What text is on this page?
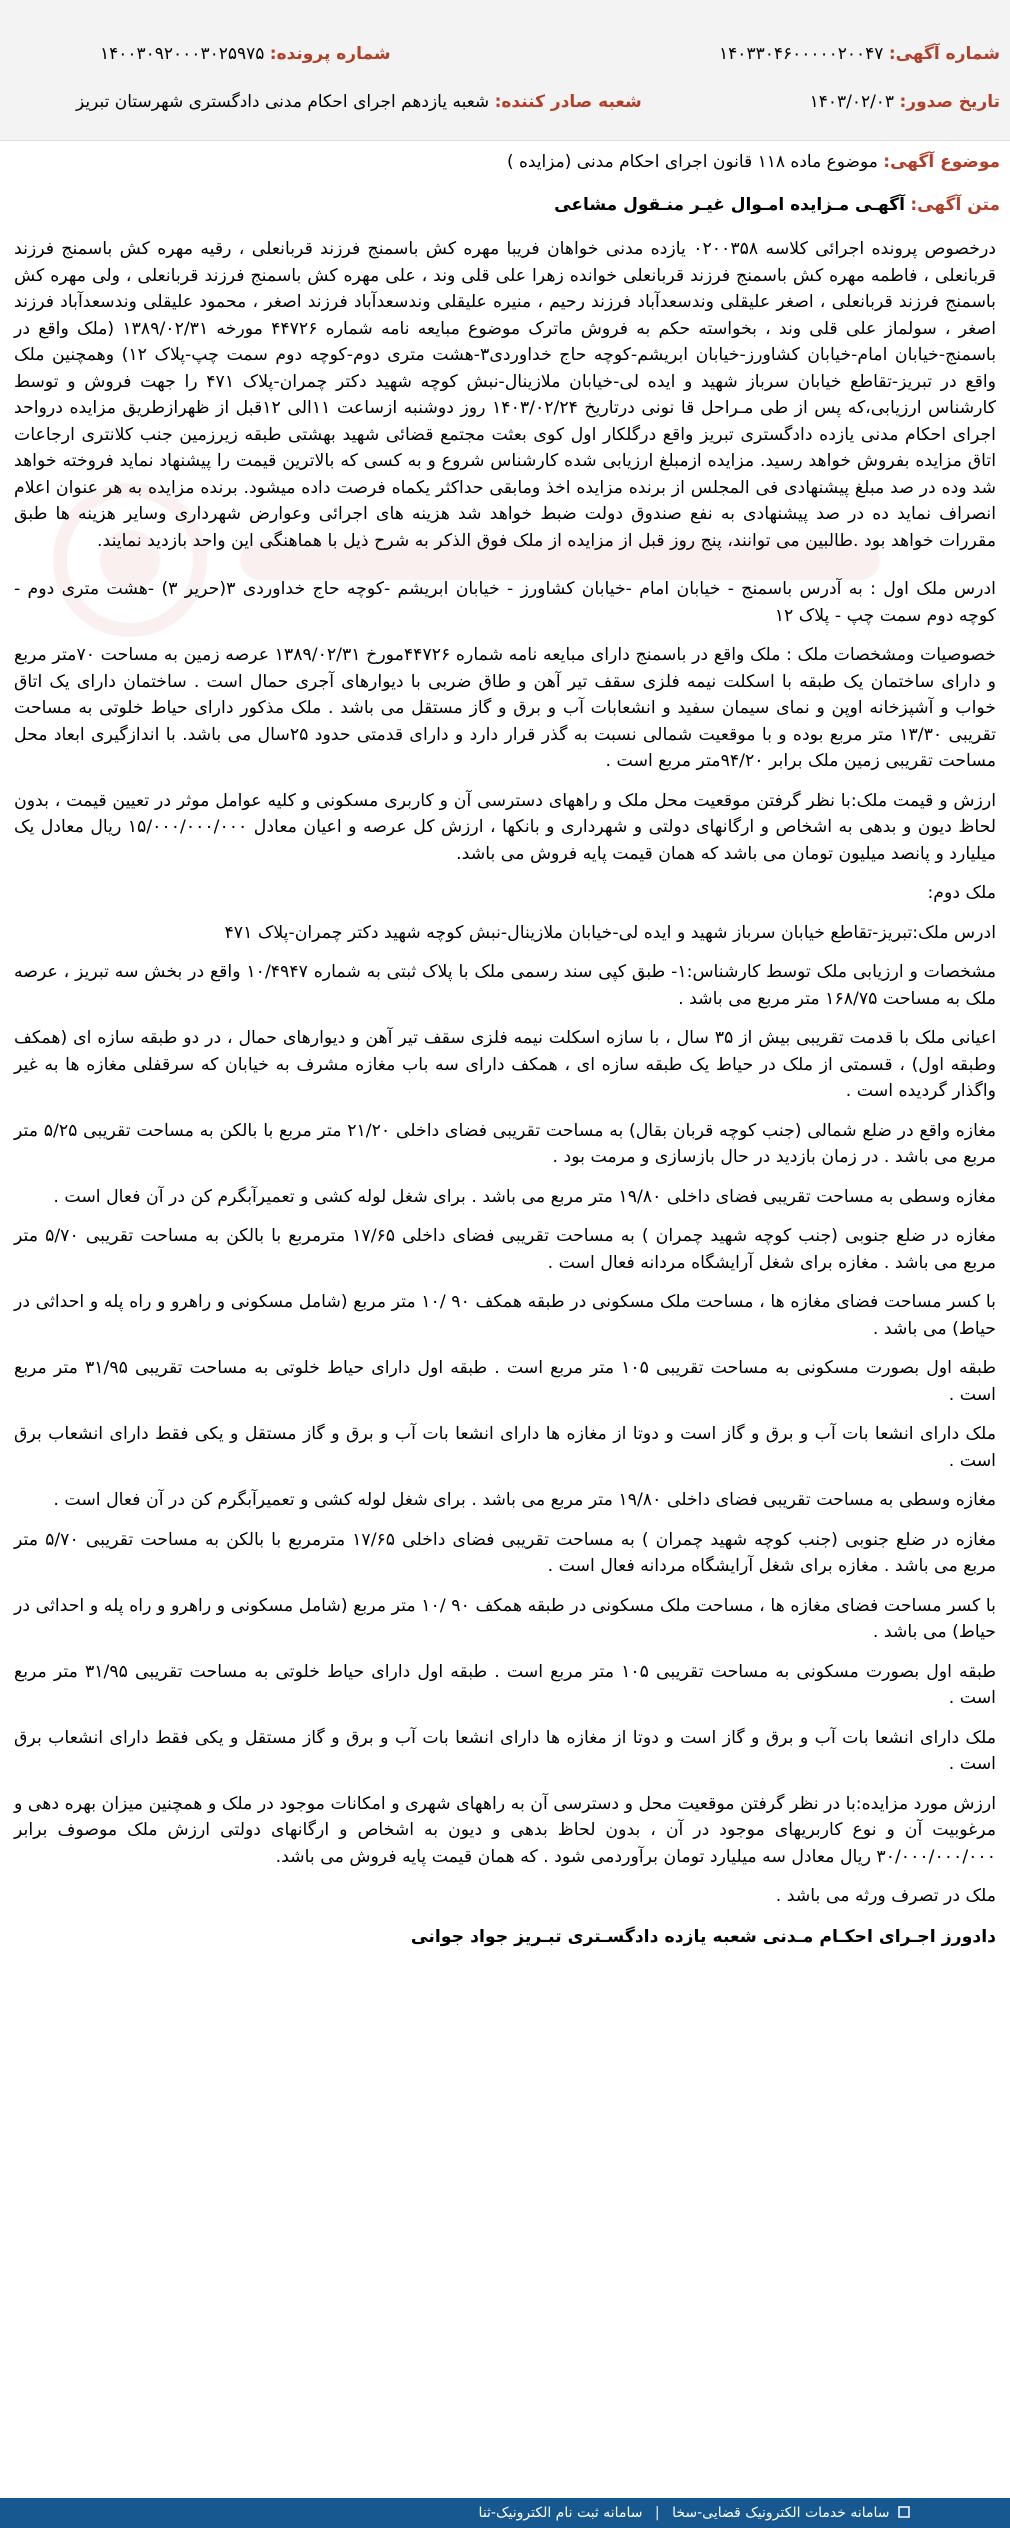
شماره آگهی: ۱۴۰۳۳۰۴۶۰۰۰۰۰۲۰۰۴۷
تاریخ صدور: ۱۴۰۳/۰۲/۰۳
شماره پرونده: ۱۴۰۰۳۰۹۲۰۰۰۳۰۲۵۹۷۵
شعبه صادر کننده: شعبه یازدهم اجرای احکام مدنی دادگستری شهرستان تبریز
موضوع آگهی: موضوع ماده ۱۱۸ قانون اجرای احکام مدنی (مزایده )
متن آگهی: آگهـی مـزایده امـوال غیـر منـقول مشاعی

درخصوص پرونده اجرائی کلاسه ۰۲۰۰۳۵۸ یازده مدنی خواهان فریبا مهره کش باسمنج فرزند قربانعلی ، رقیه مهره کش باسمنج فرزند قربانعلی ، فاطمه مهره کش باسمنج فرزند قربانعلی خوانده زهرا علی قلی وند ، علی مهره کش باسمنج فرزند قربانعلی ، ولی مهره کش باسمنج فرزند قربانعلی ، اصغر علیقلی وندسعدآباد فرزند رحیم ، منیره علیقلی وندسعدآباد فرزند اصغر ، محمود علیقلی وندسعدآباد فرزند اصغر ، سولماز علی قلی وند ، بخواسته حکم به فروش ماترک موضوع مبایعه نامه شماره ۴۴۷۲۶ مورخه ۱۳۸۹/۰۲/۳۱ (ملک واقع در باسمنج-خیابان امام-خیابان کشاورز-خیابان ابریشم-کوچه حاج خداوردی۳-هشت متری دوم-کوچه دوم سمت چپ-پلاک ۱۲) وهمچنین ملک واقع در تبریز-تقاطع خیابان سرباز شهید و ایده لی-خیابان ملازینال-نبش کوچه شهید دکتر چمران-پلاک ۴۷۱ را جهت فروش و توسط کارشناس ارزیابی،که پس از طی مـراحل قا نونی درتاریخ ۱۴۰۳/۰۲/۲۴ روز دوشنبه ازساعت ۱۱الی ۱۲قبل از ظهرازطریق مزایده درواحد اجرای احکام مدنی یازده دادگستری تبریز واقع درگلکار اول کوی بعثت مجتمع قضائی شهید بهشتی طبقه زیرزمین جنب کلانتری ارجاعات اتاق مزایده بفروش خواهد رسید. مزایده ازمبلغ ارزیابی شده کارشناس شروع و به کسی که بالاترین قیمت را پیشنهاد نماید فروخته خواهد شد وده در صد مبلغ پیشنهادی فی المجلس از برنده مزایده اخذ ومابقی حداکثر یکماه فرصت داده میشود. برنده مزایده به هر عنوان اعلام انصراف نماید ده در صد پیشنهادی به نفع صندوق دولت ضبط خواهد شد هزینه های اجرائی وعوارض شهرداری وسایر هزینه ها طبق مقررات خواهد بود .طالبین می توانند، پنج روز قبل از مزایده از ملک فوق الذکر به شرح ذیل با هماهنگی این واحد بازدید نمایند.

ادرس ملک اول : به آدرس باسمنج - خیابان امام -خیابان کشاورز - خیابان ابریشم -کوچه حاج خداوردی ۳(حریر ۳) -هشت متری دوم - کوچه دوم سمت چپ - پلاک ۱۲

خصوصیات ومشخصات ملک : ملک واقع در باسمنج دارای مبایعه نامه شماره ۴۴۷۲۶مورخ ۱۳۸۹/۰۲/۳۱ عرصه زمین به مساحت ۷۰متر مربع و دارای ساختمان یک طبقه با اسکلت نیمه فلزی سقف تیر آهن و طاق ضربی با دیوارهای آجری حمال است . ساختمان دارای یک اتاق خواب و آشپزخانه اوپن و نمای سیمان سفید و انشعابات آب و برق و گاز مستقل می باشد . ملک مذکور دارای حیاط خلوتی به مساحت تقریبی ۱۳/۳۰ متر مربع بوده و با موقعیت شمالی نسبت به گذر قرار دارد و دارای قدمتی حدود ۲۵سال می باشد. با اندازگیری ابعاد محل مساحت تقریبی زمین ملک برابر ۹۴/۲۰متر مربع است .

ارزش و قیمت ملک:با نظر گرفتن موقعیت محل ملک و راههای دسترسی آن و کاربری مسکونی و کلیه عوامل موثر در تعیین قیمت ، بدون لحاظ دیون و بدهی به اشخاص و ارگانهای دولتی و شهرداری و بانکها ، ارزش کل عرصه و اعیان معادل ۱۵/۰۰۰/۰۰۰/۰۰۰ ریال معادل یک میلیارد و پانصد میلیون تومان می باشد که همان قیمت پایه فروش می باشد.

ملک دوم:

ادرس ملک:تبریز-تقاطع خیابان سرباز شهید و ایده لی-خیابان ملازینال-نبش کوچه شهید دکتر چمران-پلاک ۴۷۱

مشخصات و ارزیابی ملک توسط کارشناس:۱- طبق کپی سند رسمی ملک با پلاک ثبتی به شماره ۱۰/۴۹۴۷ واقع در بخش سه تبریز ، عرصه ملک به مساحت ۱۶۸/۷۵ متر مربع می باشد .

اعیانی ملک با قدمت تقریبی بیش از ۳۵ سال ، با سازه اسکلت نیمه فلزی سقف تیر آهن و دیوارهای حمال ، در دو طبقه سازه ای (همکف وطبقه اول) ، قسمتی از ملک در حیاط یک طبقه سازه ای ، همکف دارای سه باب مغازه مشرف به خیابان که سرقفلی مغازه ها به غیر واگذار گردیده است .

مغازه واقع در ضلع شمالی (جنب کوچه قربان بقال) به مساحت تقریبی فضای داخلی ۲۱/۲۰ متر مربع با بالکن به مساحت تقریبی ۵/۲۵ متر مربع می باشد . در زمان بازدید در حال بازسازی و مرمت بود .

مغازه وسطی به مساحت تقریبی فضای داخلی ۱۹/۸۰ متر مربع می باشد . برای شغل لوله کشی و تعمیرآبگرم کن در آن فعال است .

مغازه در ضلع جنوبی (جنب کوچه شهید چمران ) به مساحت تقریبی فضای داخلی ۱۷/۶۵ مترمربع با بالکن به مساحت تقریبی ۵/۷۰ متر مربع می باشد . مغازه برای شغل آرایشگاه مردانه فعال است .

با کسر مساحت فضای مغازه ها ، مساحت ملک مسکونی در طبقه همکف ۹۰ /۱۰ متر مربع (شامل مسکونی و راهرو و راه پله و احداثی در حیاط) می باشد .

طبقه اول بصورت مسکونی به مساحت تقریبی ۱۰۵ متر مربع است . طبقه اول دارای حیاط خلوتی به مساحت تقریبی ۳۱/۹۵ متر مربع است .

ملک دارای انشعا بات آب و برق و گاز است و دوتا از مغازه ها دارای انشعا بات آب و برق و گاز مستقل و یکی فقط دارای انشعاب برق است .

مغازه وسطی به مساحت تقریبی فضای داخلی ۱۹/۸۰ متر مربع می باشد . برای شغل لوله کشی و تعمیرآبگرم کن در آن فعال است .

مغازه در ضلع جنوبی (جنب کوچه شهید چمران ) به مساحت تقریبی فضای داخلی ۱۷/۶۵ مترمربع با بالکن به مساحت تقریبی ۵/۷۰ متر مربع می باشد . مغازه برای شغل آرایشگاه مردانه فعال است .

با کسر مساحت فضای مغازه ها ، مساحت ملک مسکونی در طبقه همکف ۹۰ /۱۰ متر مربع (شامل مسکونی و راهرو و راه پله و احداثی در حیاط) می باشد .

طبقه اول بصورت مسکونی به مساحت تقریبی ۱۰۵ متر مربع است . طبقه اول دارای حیاط خلوتی به مساحت تقریبی ۳۱/۹۵ متر مربع است .

ملک دارای انشعا بات آب و برق و گاز است و دوتا از مغازه ها دارای انشعا بات آب و برق و گاز مستقل و یکی فقط دارای انشعاب برق است .

ارزش مورد مزایده:با در نظر گرفتن موقعیت محل و دسترسی آن به راههای شهری و امکانات موجود در ملک و همچنین میزان بهره دهی و مرغوبیت آن و نوع کاربریهای موجود در آن ، بدون لحاظ بدهی و دیون به اشخاص و ارگانهای دولتی ارزش ملک موصوف برابر ۳۰/۰۰۰/۰۰۰/۰۰۰ ریال معادل سه میلیارد تومان برآوردمی شود . که همان قیمت پایه فروش می باشد.

ملک در تصرف ورثه می باشد .

دادورز اجـرای احکـام مـدنی شعبه یازده دادگسـتری تبـریز جواد جوانی

سامانه خدمات الکترونیک قضایی-سخا | سامانه ثبت نام الکترونیک-ثنا
